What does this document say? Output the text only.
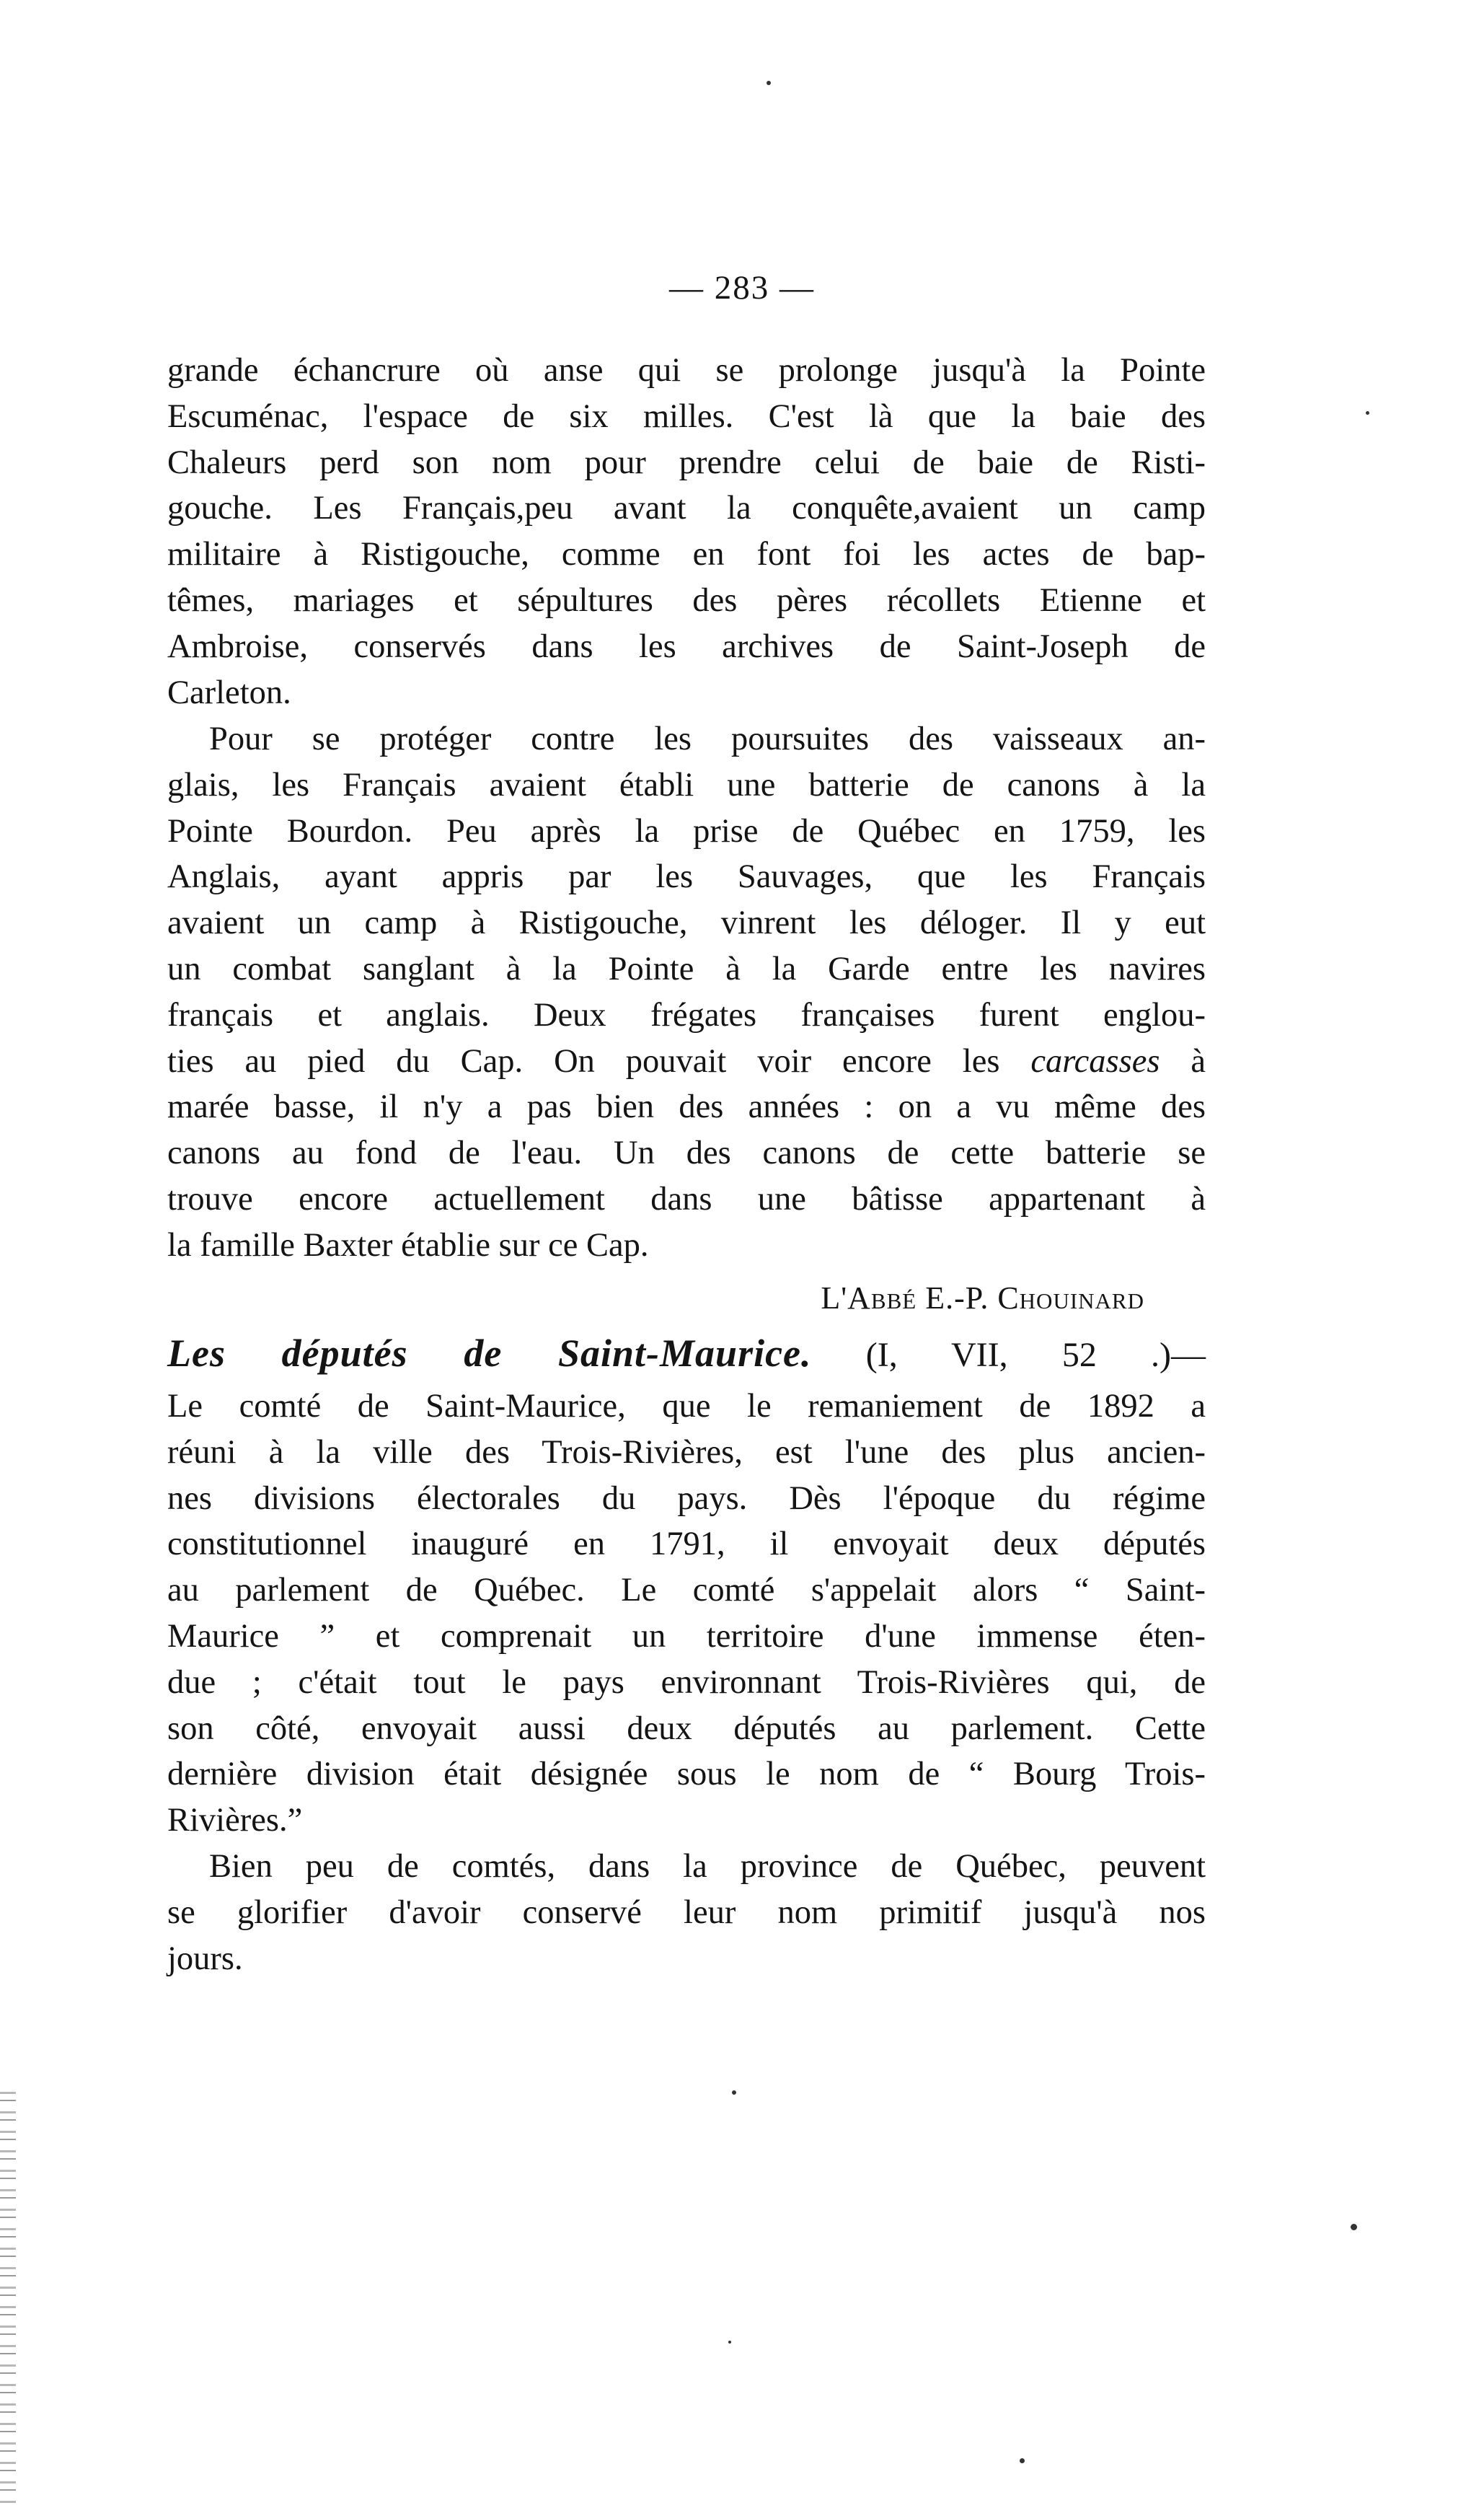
— 283 —
grande échancrure où anse qui se prolonge jusqu'à la Pointe
Escuménac, l'espace de six milles. C'est là que la baie des
Chaleurs perd son nom pour prendre celui de baie de Risti-
gouche. Les Français,peu avant la conquête,avaient un camp
militaire à Ristigouche, comme en font foi les actes de bap-
têmes, mariages et sépultures des pères récollets Etienne et
Ambroise, conservés dans les archives de Saint-Joseph de
Carleton.
Pour se protéger contre les poursuites des vaisseaux an-
glais, les Français avaient établi une batterie de canons à la
Pointe Bourdon. Peu après la prise de Québec en 1759, les
Anglais, ayant appris par les Sauvages, que les Français
avaient un camp à Ristigouche, vinrent les déloger. Il y eut
un combat sanglant à la Pointe à la Garde entre les navires
français et anglais. Deux frégates françaises furent englou-
ties au pied du Cap. On pouvait voir encore les carcasses à
marée basse, il n'y a pas bien des années : on a vu même des
canons au fond de l'eau. Un des canons de cette batterie se
trouve encore actuellement dans une bâtisse appartenant à
la famille Baxter établie sur ce Cap.
L'Abbé E.-P. Chouinard
Les députés de Saint-Maurice. (I, VII, 52 .)—
Le comté de Saint-Maurice, que le remaniement de 1892 a
réuni à la ville des Trois-Rivières, est l'une des plus ancien-
nes divisions électorales du pays. Dès l'époque du régime
constitutionnel inauguré en 1791, il envoyait deux députés
au parlement de Québec. Le comté s'appelait alors “ Saint-
Maurice ” et comprenait un territoire d'une immense éten-
due ; c'était tout le pays environnant Trois-Rivières qui, de
son côté, envoyait aussi deux députés au parlement. Cette
dernière division était désignée sous le nom de “ Bourg Trois-
Rivières.”
Bien peu de comtés, dans la province de Québec, peuvent
se glorifier d'avoir conservé leur nom primitif jusqu'à nos
jours.
